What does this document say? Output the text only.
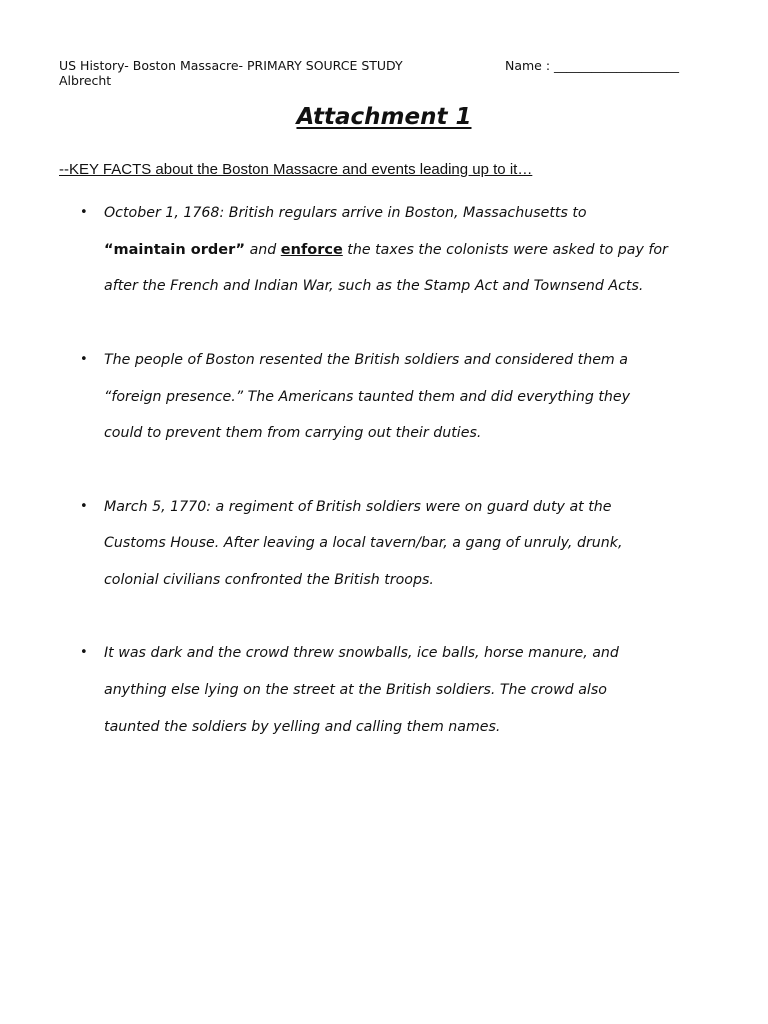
US History- Boston Massacre- PRIMARY SOURCE STUDY
Albrecht
Name : ____________________
Attachment 1
--KEY FACTS about the Boston Massacre and events leading up to it…
• October 1, 1768: British regulars arrive in Boston, Massachusetts to
“maintain order” and enforce the taxes the colonists were asked to pay for
after the French and Indian War, such as the Stamp Act and Townsend Acts.
• The people of Boston resented the British soldiers and considered them a
“foreign presence.” The Americans taunted them and did everything they
could to prevent them from carrying out their duties.
• March 5, 1770: a regiment of British soldiers were on guard duty at the
Customs House. After leaving a local tavern/bar, a gang of unruly, drunk,
colonial civilians confronted the British troops.
• It was dark and the crowd threw snowballs, ice balls, horse manure, and
anything else lying on the street at the British soldiers. The crowd also
taunted the soldiers by yelling and calling them names.
